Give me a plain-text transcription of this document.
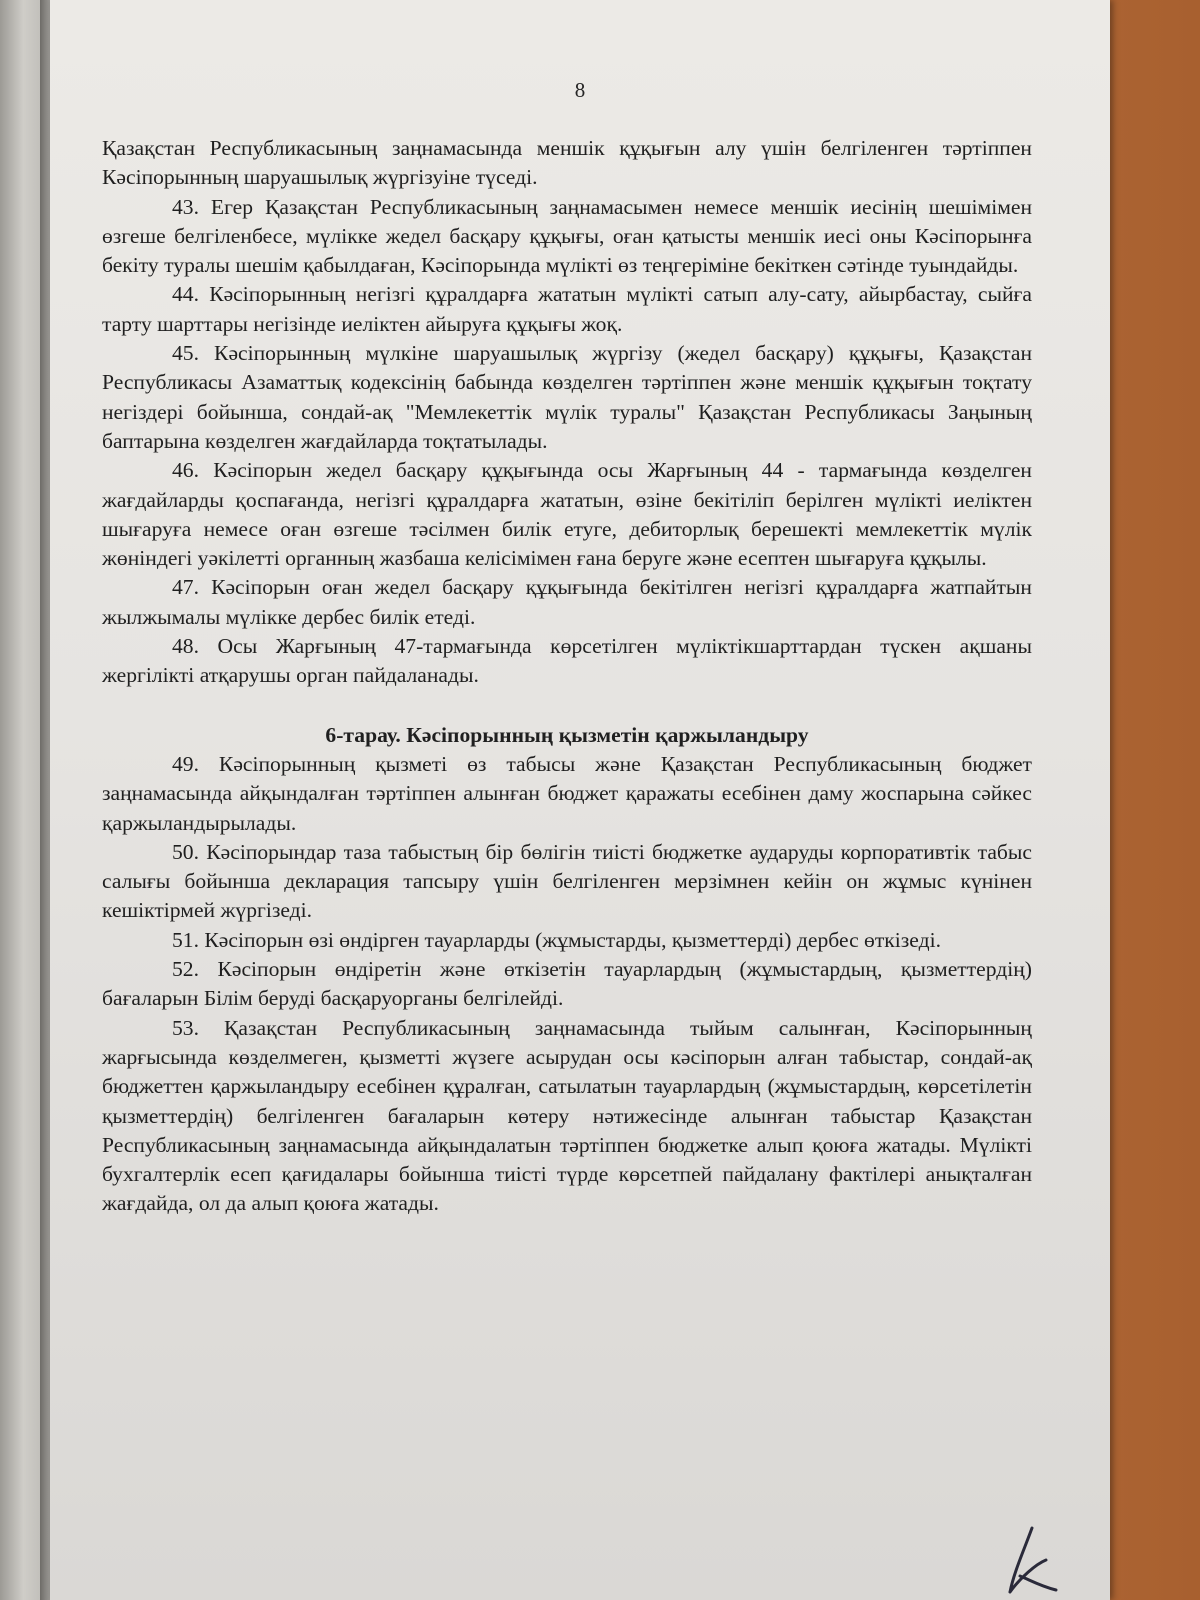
8

Қазақстан Республикасының заңнамасында меншік құқығын алу үшін белгіленген тәртіппен Кәсіпорынның шаруашылық жүргізуіне түседі.

43. Егер Қазақстан Республикасының заңнамасымен немесе меншік иесінің шешімімен өзгеше белгіленбесе, мүлікке жедел басқару құқығы, оған қатысты меншік иесі оны Кәсіпорынға бекіту туралы шешім қабылдаған, Кәсіпорында мүлікті өз теңгеріміне бекіткен сәтінде туындайды.

44. Кәсіпорынның негізгі құралдарға жататын мүлікті сатып алу-сату, айырбастау, сыйға тарту шарттары негізінде иеліктен айыруға құқығы жоқ.

45. Кәсіпорынның мүлкіне шаруашылық жүргізу (жедел басқару) құқығы, Қазақстан Республикасы Азаматтық кодексінің бабында көзделген тәртіппен және меншік құқығын тоқтату негіздері бойынша, сондай-ақ "Мемлекеттік мүлік туралы" Қазақстан Республикасы Заңының баптарына көзделген жағдайларда тоқтатылады.

46. Кәсіпорын жедел басқару құқығында осы Жарғының 44 - тармағында көзделген жағдайларды қоспағанда, негізгі құралдарға жататын, өзіне бекітіліп берілген мүлікті иеліктен шығаруға немесе оған өзгеше тәсілмен билік етуге, дебиторлық берешекті мемлекеттік мүлік жөніндегі уәкілетті органның жазбаша келісімімен ғана беруге және есептен шығаруға құқылы.

47. Кәсіпорын оған жедел басқару құқығында бекітілген негізгі құралдарға жатпайтын жылжымалы мүлікке дербес билік етеді.

48. Осы Жарғының 47-тармағында көрсетілген мүліктікшарттардан түскен ақшаны жергілікті атқарушы орган пайдаланады.

6-тарау. Кәсіпорынның қызметін қаржыландыру

49. Кәсіпорынның қызметі өз табысы және Қазақстан Республикасының бюджет заңнамасында айқындалған тәртіппен алынған бюджет қаражаты есебінен даму жоспарына сәйкес қаржыландырылады.

50. Кәсіпорындар таза табыстың бір бөлігін тиісті бюджетке аударуды корпоративтік табыс салығы бойынша декларация тапсыру үшін белгіленген мерзімнен кейін он жұмыс күнінен кешіктірмей жүргізеді.

51. Кәсіпорын өзі өндірген тауарларды (жұмыстарды, қызметтерді) дербес өткізеді.

52. Кәсіпорын өндіретін және өткізетін тауарлардың (жұмыстардың, қызметтердің) бағаларын Білім беруді басқаруорганы белгілейді.

53. Қазақстан Республикасының заңнамасында тыйым салынған, Кәсіпорынның жарғысында көзделмеген, қызметті жүзеге асырудан осы кәсіпорын алған табыстар, сондай-ақ бюджеттен қаржыландыру есебінен құралған, сатылатын тауарлардың (жұмыстардың, көрсетілетін қызметтердің) белгіленген бағаларын көтеру нәтижесінде алынған табыстар Қазақстан Республикасының заңнамасында айқындалатын тәртіппен бюджетке алып қоюға жатады. Мүлікті бухгалтерлік есеп қағидалары бойынша тиісті түрде көрсетпей пайдалану фактілері анықталған жағдайда, ол да алып қоюға жатады.
